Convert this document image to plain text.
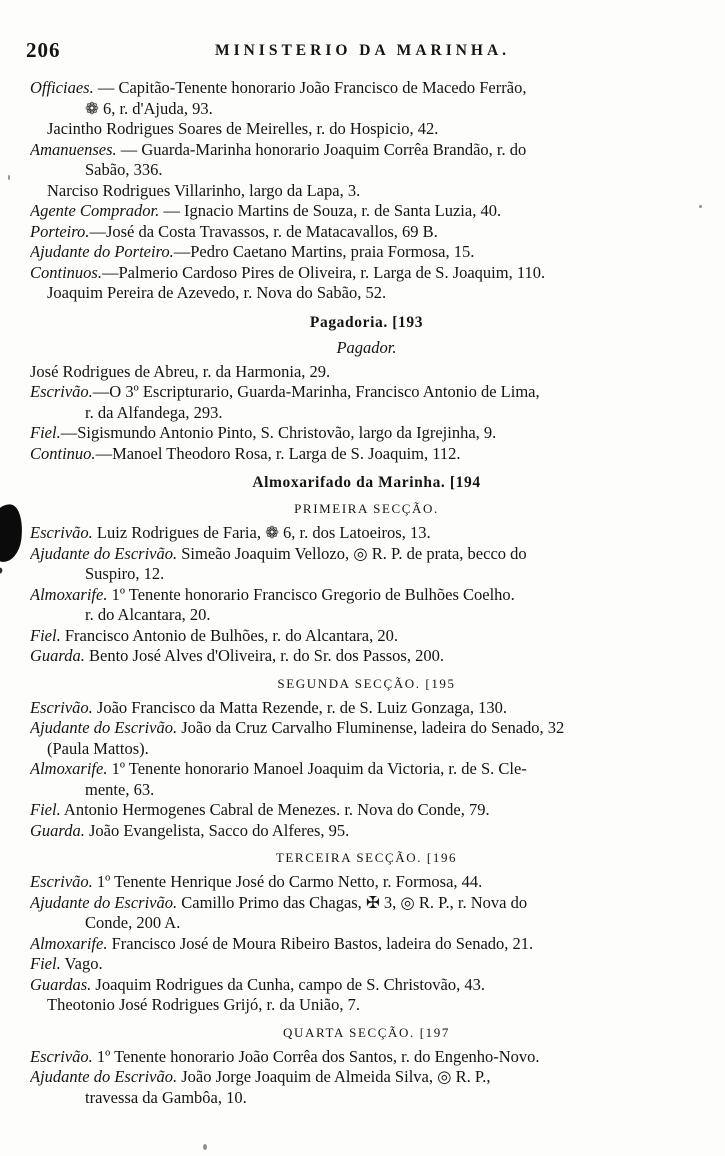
206	MINISTERIO DA MARINHA.
Officiaes. — Capitão-Tenente honorario João Francisco de Macedo Ferrão,
❁ 6, r. d'Ajuda, 93.
Jacintho Rodrigues Soares de Meirelles, r. do Hospicio, 42.
Amanuenses. — Guarda-Marinha honorario Joaquim Corrêa Brandão, r. do
Sabão, 336.
Narciso Rodrigues Villarinho, largo da Lapa, 3.
Agente Comprador. — Ignacio Martins de Souza, r. de Santa Luzia, 40.
Porteiro.—José da Costa Travassos, r. de Matacavallos, 69 B.
Ajudante do Porteiro.—Pedro Caetano Martins, praia Formosa, 15.
Continuos.—Palmerio Cardoso Pires de Oliveira, r. Larga de S. Joaquim, 110.
Joaquim Pereira de Azevedo, r. Nova do Sabão, 52.
Pagadoria. [193
Pagador.
José Rodrigues de Abreu, r. da Harmonia, 29.
Escrivão.—O 3º Escripturario, Guarda-Marinha, Francisco Antonio de Lima,
r. da Alfandega, 293.
Fiel.—Sigismundo Antonio Pinto, S. Christovão, largo da Igrejinha, 9.
Continuo.—Manoel Theodoro Rosa, r. Larga de S. Joaquim, 112.
Almoxarifado da Marinha. [194
PRIMEIRA SECÇÃO.
Escrivão. Luiz Rodrigues de Faria, ❁ 6, r. dos Latoeiros, 13.
Ajudante do Escrivão. Simeão Joaquim Vellozo, ◎ R. P. de prata, becco do
Suspiro, 12.
Almoxarife. 1º Tenente honorario Francisco Gregorio de Bulhões Coelho.
r. do Alcantara, 20.
Fiel. Francisco Antonio de Bulhões, r. do Alcantara, 20.
Guarda. Bento José Alves d'Oliveira, r. do Sr. dos Passos, 200.
SEGUNDA SECÇÃO. [195
Escrivão. João Francisco da Matta Rezende, r. de S. Luiz Gonzaga, 130.
Ajudante do Escrivão. João da Cruz Carvalho Fluminense, ladeira do Senado, 32
(Paula Mattos).
Almoxarife. 1º Tenente honorario Manoel Joaquim da Victoria, r. de S. Cle-
mente, 63.
Fiel. Antonio Hermogenes Cabral de Menezes. r. Nova do Conde, 79.
Guarda. João Evangelista, Sacco do Alferes, 95.
TERCEIRA SECÇÃO. [196
Escrivão. 1º Tenente Henrique José do Carmo Netto, r. Formosa, 44.
Ajudante do Escrivão. Camillo Primo das Chagas, ✠ 3, ◎ R. P., r. Nova do
Conde, 200 A.
Almoxarife. Francisco José de Moura Ribeiro Bastos, ladeira do Senado, 21.
Fiel. Vago.
Guardas. Joaquim Rodrigues da Cunha, campo de S. Christovão, 43.
Theotonio José Rodrigues Grijó, r. da União, 7.
QUARTA SECÇÃO. [197
Escrivão. 1º Tenente honorario João Corrêa dos Santos, r. do Engenho-Novo.
Ajudante do Escrivão. João Jorge Joaquim de Almeida Silva, ◎ R. P.,
travessa da Gambôa, 10.
